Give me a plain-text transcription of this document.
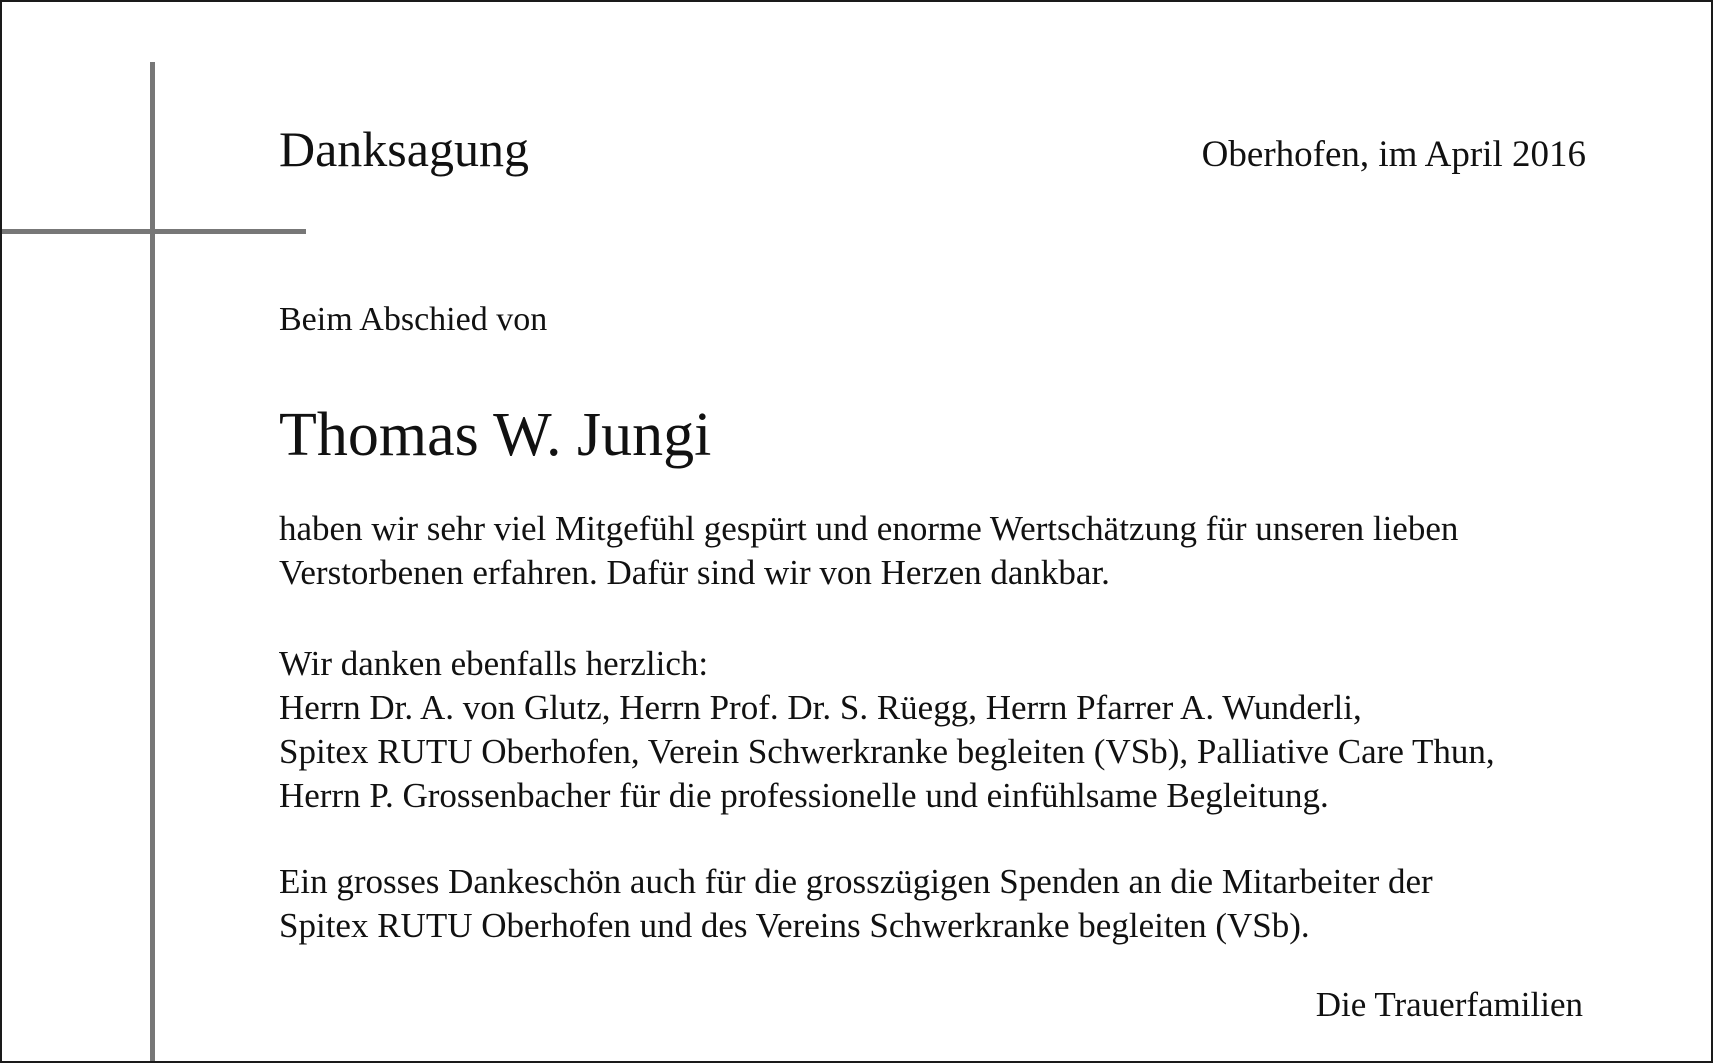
Danksagung	Oberhofen, im April 2016
Beim Abschied von
Thomas W. Jungi
haben wir sehr viel Mitgefühl gespürt und enorme Wertschätzung für unseren lieben
Verstorbenen erfahren. Dafür sind wir von Herzen dankbar.
Wir danken ebenfalls herzlich:
Herrn Dr. A. von Glutz, Herrn Prof. Dr. S. Rüegg, Herrn Pfarrer A. Wunderli,
Spitex RUTU Oberhofen, Verein Schwerkranke begleiten (VSb), Palliative Care Thun,
Herrn P. Grossenbacher für die professionelle und einfühlsame Begleitung.
Ein grosses Dankeschön auch für die grosszügigen Spenden an die Mitarbeiter der
Spitex RUTU Oberhofen und des Vereins Schwerkranke begleiten (VSb).
Die Trauerfamilien
